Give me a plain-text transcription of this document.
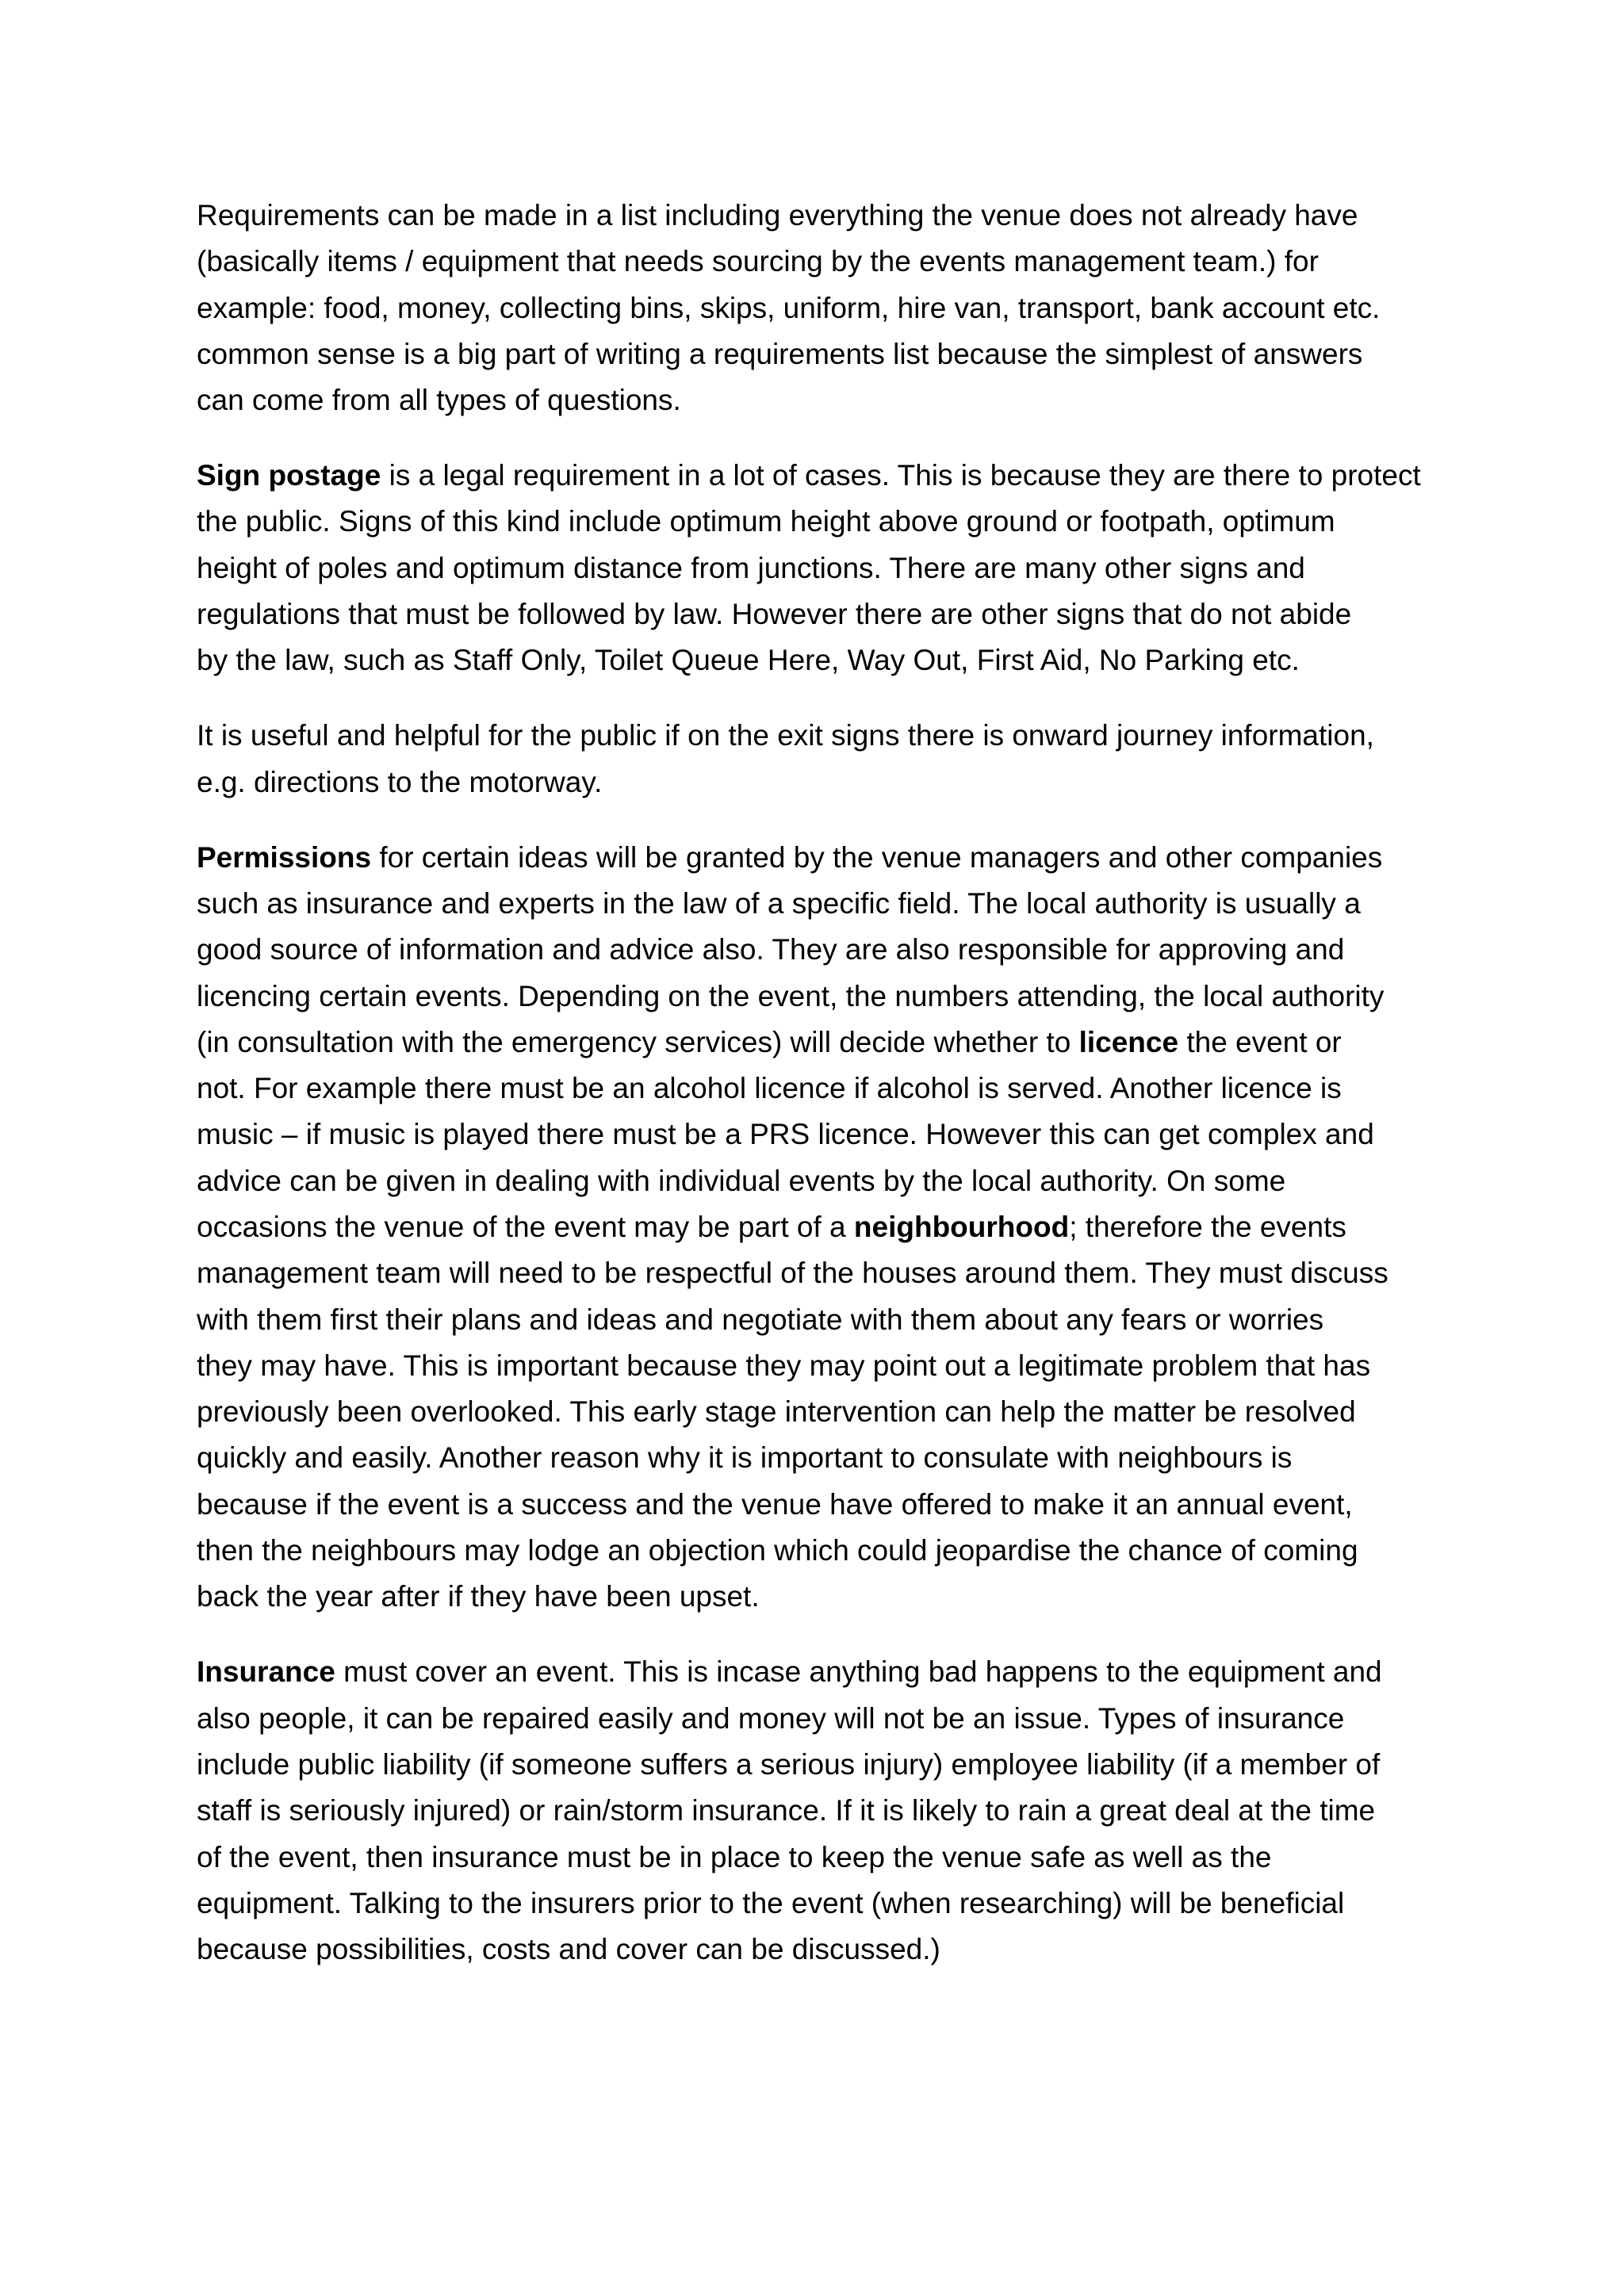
Requirements can be made in a list including everything the venue does not already have
(basically items / equipment that needs sourcing by the events management team.) for
example: food, money, collecting bins, skips, uniform, hire van, transport, bank account etc.
common sense is a big part of writing a requirements list because the simplest of answers
can come from all types of questions.
Sign postage is a legal requirement in a lot of cases. This is because they are there to protect
the public. Signs of this kind include optimum height above ground or footpath, optimum
height of poles and optimum distance from junctions. There are many other signs and
regulations that must be followed by law. However there are other signs that do not abide
by the law, such as Staff Only, Toilet Queue Here, Way Out, First Aid, No Parking etc.
It is useful and helpful for the public if on the exit signs there is onward journey information,
e.g. directions to the motorway.
Permissions for certain ideas will be granted by the venue managers and other companies
such as insurance and experts in the law of a specific field. The local authority is usually a
good source of information and advice also. They are also responsible for approving and
licencing certain events. Depending on the event, the numbers attending, the local authority
(in consultation with the emergency services) will decide whether to licence the event or
not. For example there must be an alcohol licence if alcohol is served. Another licence is
music – if music is played there must be a PRS licence. However this can get complex and
advice can be given in dealing with individual events by the local authority. On some
occasions the venue of the event may be part of a neighbourhood; therefore the events
management team will need to be respectful of the houses around them. They must discuss
with them first their plans and ideas and negotiate with them about any fears or worries
they may have. This is important because they may point out a legitimate problem that has
previously been overlooked. This early stage intervention can help the matter be resolved
quickly and easily. Another reason why it is important to consulate with neighbours is
because if the event is a success and the venue have offered to make it an annual event,
then the neighbours may lodge an objection which could jeopardise the chance of coming
back the year after if they have been upset.
Insurance must cover an event. This is incase anything bad happens to the equipment and
also people, it can be repaired easily and money will not be an issue. Types of insurance
include public liability (if someone suffers a serious injury) employee liability (if a member of
staff is seriously injured) or rain/storm insurance. If it is likely to rain a great deal at the time
of the event, then insurance must be in place to keep the venue safe as well as the
equipment. Talking to the insurers prior to the event (when researching) will be beneficial
because possibilities, costs and cover can be discussed.)
